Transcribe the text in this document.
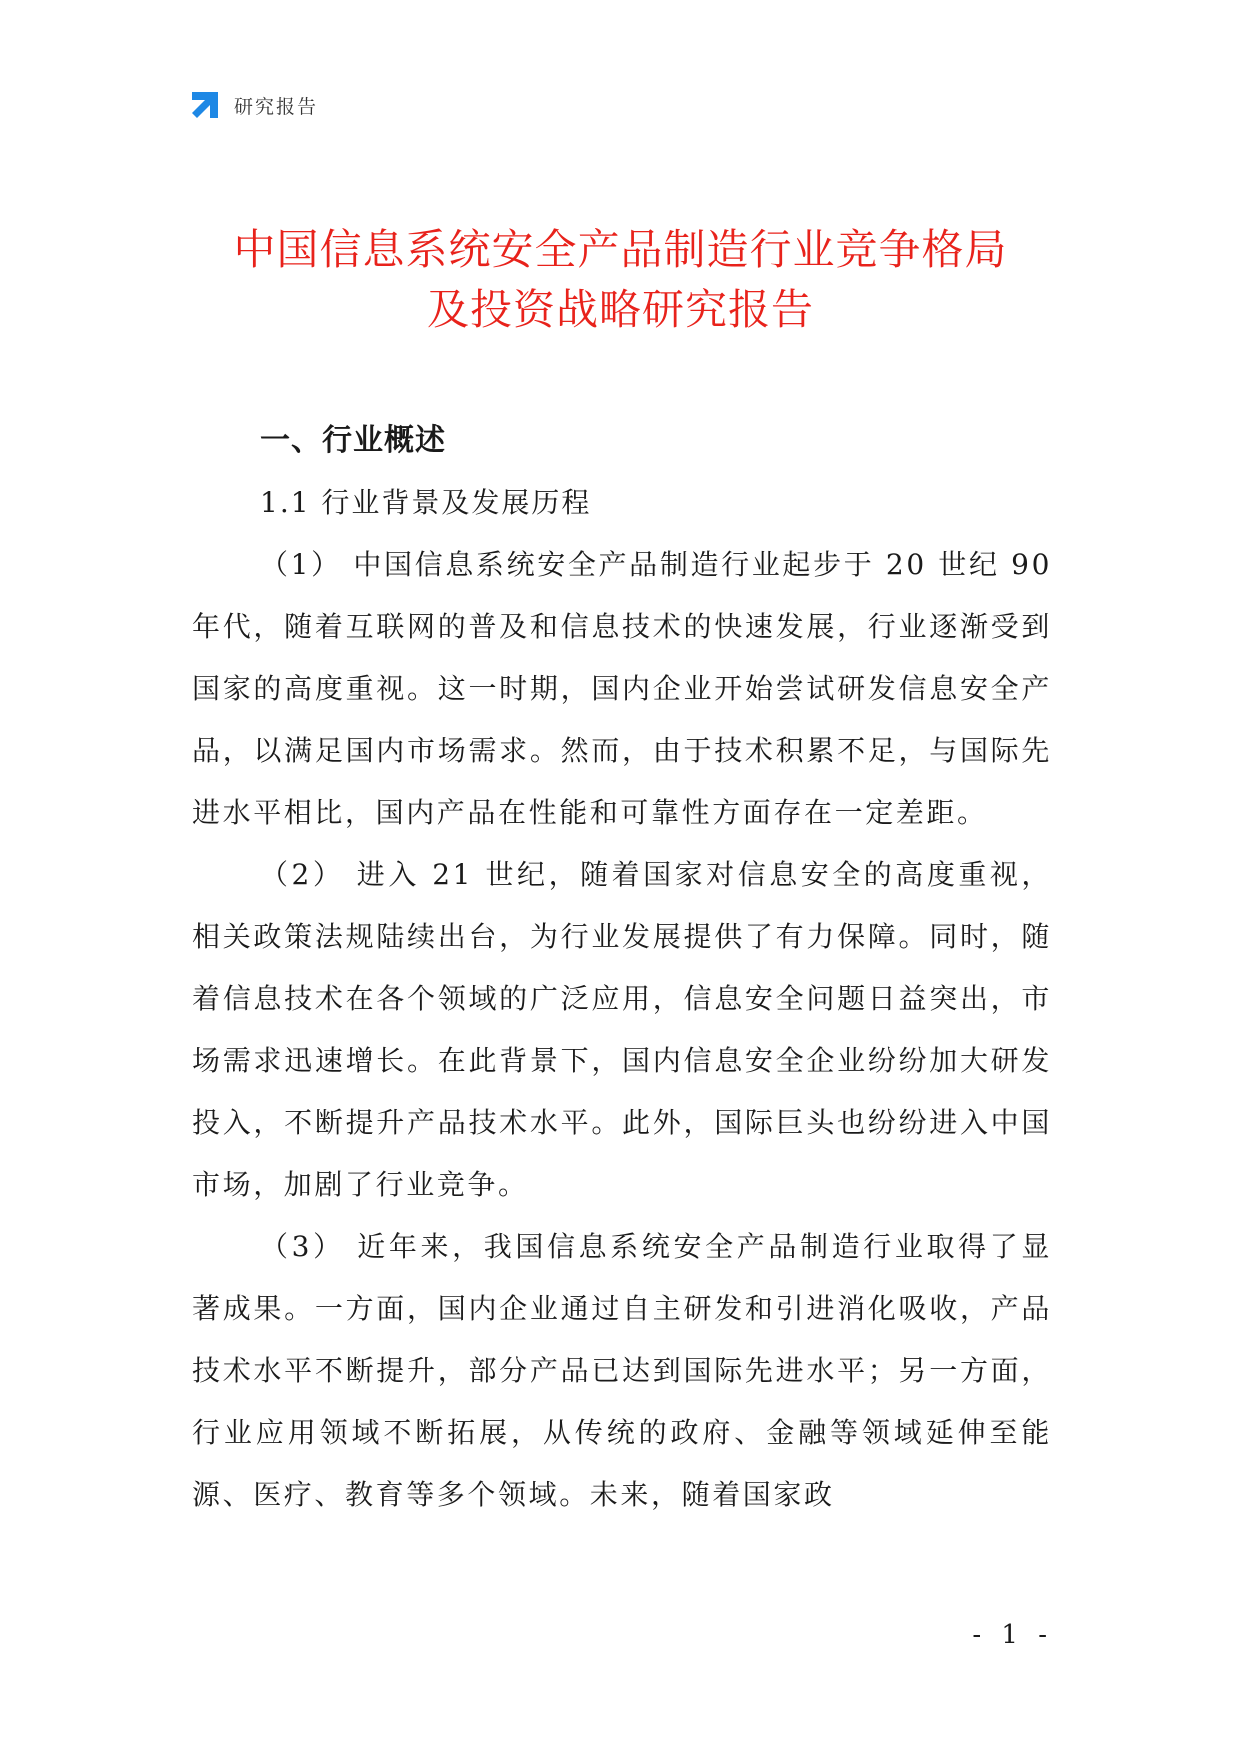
研究报告
中国信息系统安全产品制造行业竞争格局
及投资战略研究报告

一、行业概述

1.1 行业背景及发展历程

（1） 中国信息系统安全产品制造行业起步于 20 世纪 90 年代，随着互联网的普及和信息技术的快速发展，行业逐渐受到国家的高度重视。这一时期，国内企业开始尝试研发信息安全产品，以满足国内市场需求。然而，由于技术积累不足，与国际先进水平相比，国内产品在性能和可靠性方面存在一定差距。

（2） 进入 21 世纪，随着国家对信息安全的高度重视，相关政策法规陆续出台，为行业发展提供了有力保障。同时，随着信息技术在各个领域的广泛应用，信息安全问题日益突出，市场需求迅速增长。在此背景下，国内信息安全企业纷纷加大研发投入，不断提升产品技术水平。此外，国际巨头也纷纷进入中国市场，加剧了行业竞争。

（3） 近年来，我国信息系统安全产品制造行业取得了显著成果。一方面，国内企业通过自主研发和引进消化吸收，产品技术水平不断提升，部分产品已达到国际先进水平；另一方面，行业应用领域不断拓展，从传统的政府、金融等领域延伸至能源、医疗、教育等多个领域。未来，随着国家政

- 1 -
